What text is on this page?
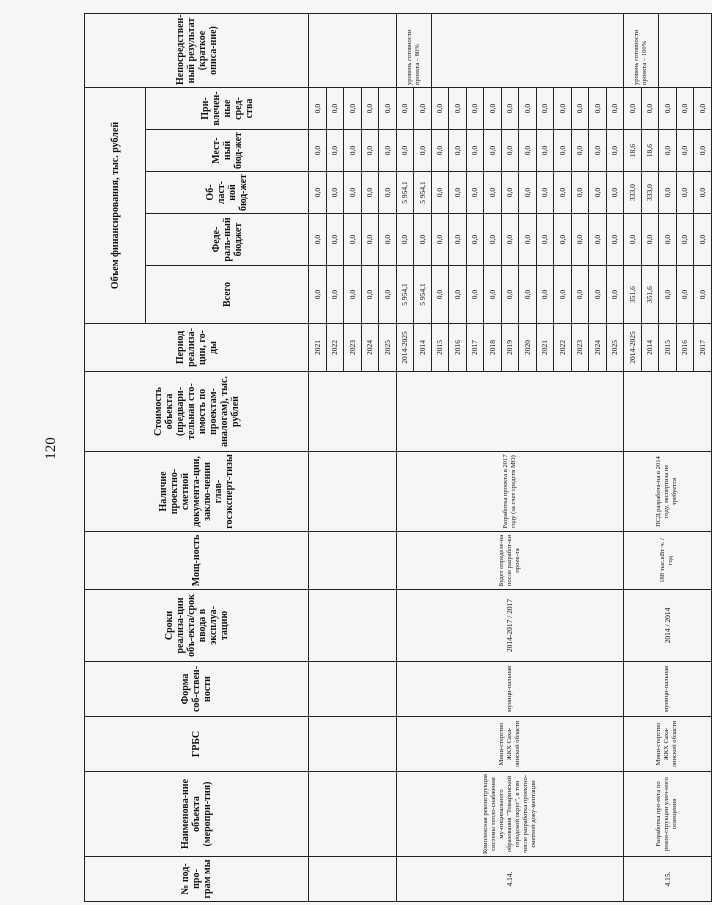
120
№ под-про-грам мы	Наименова-ние объекта (меропри-тия)	ГРБС	Форма соб-ствен-ности	Сроки реализа-ции объ-екта/срок ввода в эксплуа-тацию	Мощ-ность	Наличие проектно-сметной документа-ции, заклю-чении глав-госэксперт-тизы	Стоимость объекта (предвари-тельная сто-имость по проектам-аналогам), тыс. рублей	Период реализа-ции, го-ды	Объем финансирования, тыс. рублей					Непосредствен-ный результат (краткое описа-ние)
									Всего	Феде-раль-ный бюджет	Об-ласт-ной бюд-жет	Мест-ный бюд-жет	При-влечен-ные сред-ства	
								2021	0,0	0,0	0,0	0,0	0,0	
								2022	0,0	0,0	0,0	0,0	0,0	
								2023	0,0	0,0	0,0	0,0	0,0	
								2024	0,0	0,0	0,0	0,0	0,0	
								2025	0,0	0,0	0,0	0,0	0,0	
4.14.	Комплексная реконструкция системы тепло-снабжения му-ниципального образования "Томаринский городской округ", в том числе разработка проектно-сметной доку-ментации	Мини-стерство ЖКХ Саха-линской области	муници-пальная	2014-2017 / 2017	Будет определе-на после разработ-ки проек-та	Разработка проекта в 2017 году (за счет средств МО)		2014-2025	5 954,1	0,0	5 954,1	0,0	0,0	уровень готовности проекта – 80%
								2014	5 954,1	0,0	5 954,1	0,0	0,0	
								2015	0,0	0,0	0,0	0,0	0,0	
								2016	0,0	0,0	0,0	0,0	0,0	
								2017	0,0	0,0	0,0	0,0	0,0	
								2018	0,0	0,0	0,0	0,0	0,0	
								2019	0,0	0,0	0,0	0,0	0,0	
								2020	0,0	0,0	0,0	0,0	0,0	
								2021	0,0	0,0	0,0	0,0	0,0	
								2022	0,0	0,0	0,0	0,0	0,0	
								2023	0,0	0,0	0,0	0,0	0,0	
								2024	0,0	0,0	0,0	0,0	0,0	
								2025	0,0	0,0	0,0	0,0	0,0	
4.15.	Разработка про-екта по рекон-струкции улич-ного освещения	Мини-стерство ЖКХ Саха-линской области	муници-пальная	2014 / 2014	188 тыс.кВт·ч. / год	ПСД разработа-на в 2014 году, экспертиза не требуется		2014-2025	351,6	0,0	333,0	18,6	0,0	уровень готовности проекта – 100%
								2014	351,6	0,0	333,0	18,6	0,0	
								2015	0,0	0,0	0,0	0,0	0,0	
								2016	0,0	0,0	0,0	0,0	0,0	
								2017	0,0	0,0	0,0	0,0	0,0	
